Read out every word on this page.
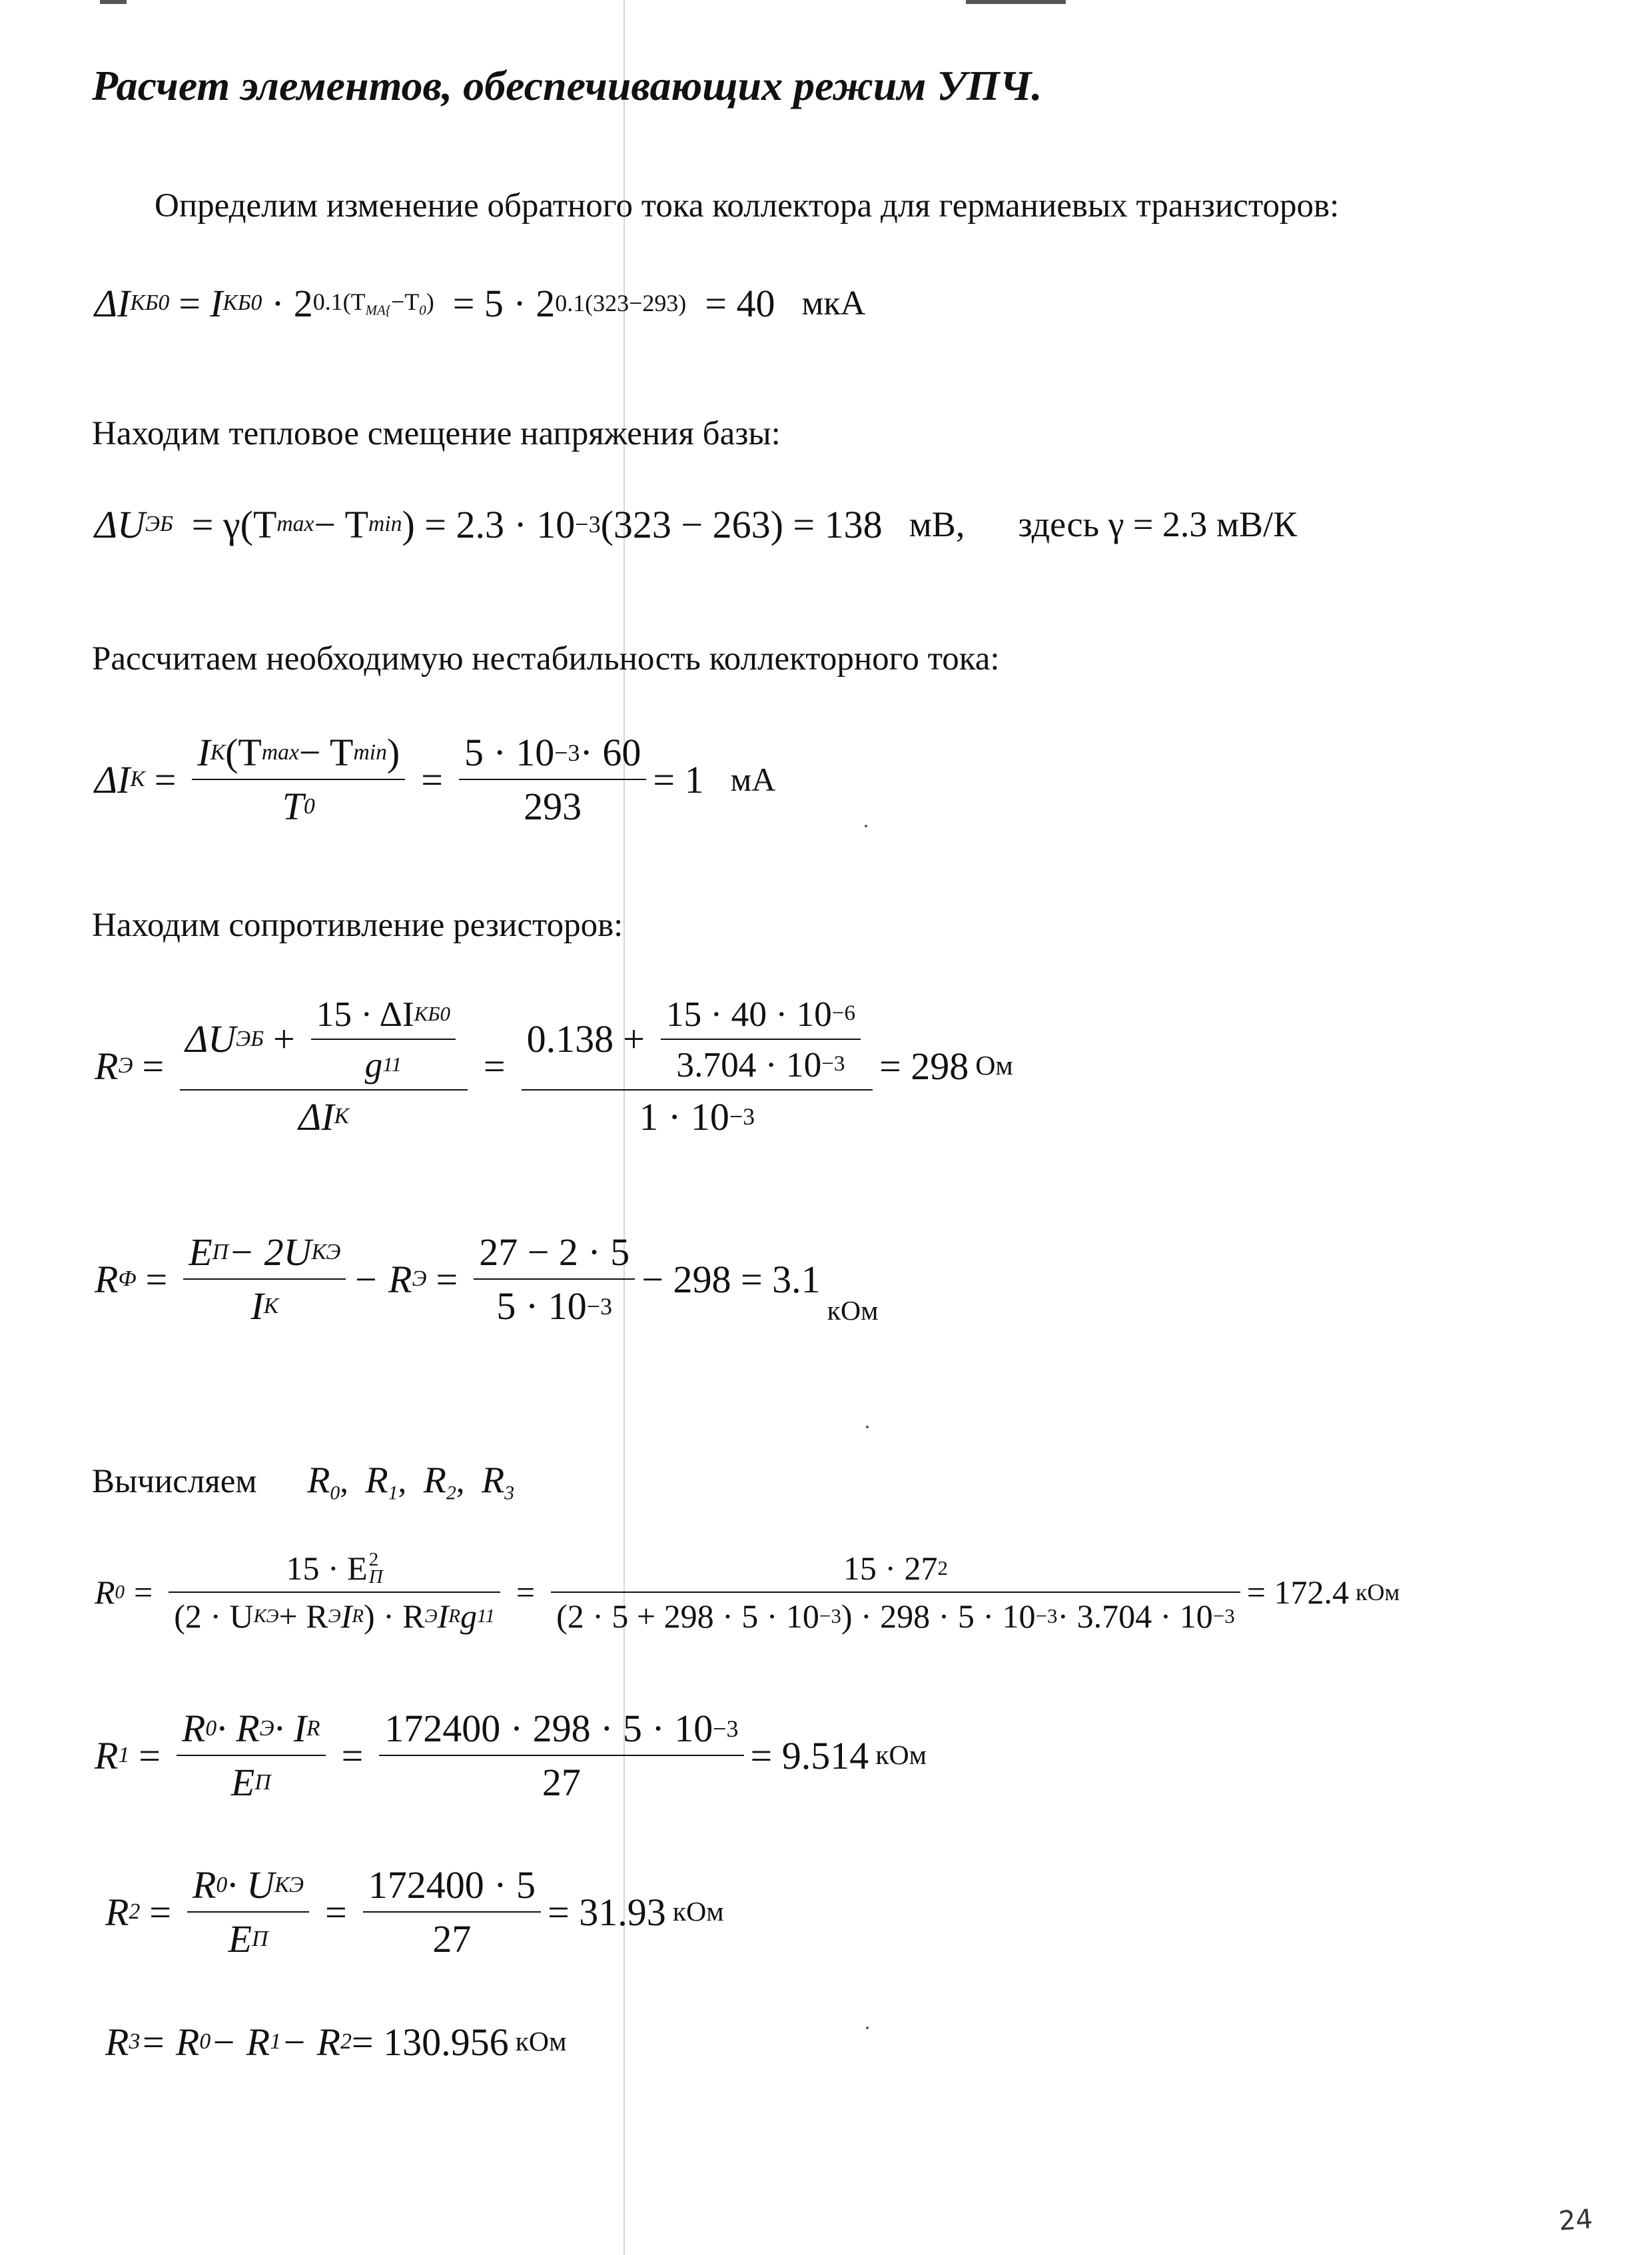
Расчет элементов, обеспечивающих режим УПЧ.
Определим изменение обратного тока коллектора для германиевых транзисторов:
ΔI КБ0 = I КБ0 · 2 $0.1(T_{MA\{}-T_0) = 5 \cdot 2$ 0.1(323−293) = 40 мкА
Находим тепловое смещение напряжения базы:
ΔU ЭБ = γ(T max − T min ) = 2.3 · 10 −3 (323 − 263) = 138 мВ, здесь γ = 2.3 мВ/К
Рассчитаем необходимую нестабильность коллекторного тока:
ΔI $К = \frac{\text{I К (T max − T min )}}{T 0} = \frac{5 \cdot 10 -3 \cdot 60}{293} = 1$ мА
Находим сопротивление резисторов:
R $Э = \frac{\Delta U ЭБ + \frac{\text{15 · ΔI КБ0}}{g 11}}{\text{ΔI К}} = \frac{0.138 + \frac{15 \cdot 40 \cdot 10 -6}{3.704 \cdot 10 -3}}{1 \cdot 10 -3} = 298$ Ом
R $Ф = \frac{\text{E П − 2U КЭ}}{\text{I К}} - R$ $Э = \frac{27 - 2 \cdot 5}{5 \cdot 10 -3} - 298 = 3.1$
кОм
Вычисляем $R_0$, $R_1$, $R_2$, $R_3$
R 0 = 15 · E 2
П
(2 · U КЭ + R Э I R ) · R Э I R g $11 = \frac{15 \cdot 27 2}{(2 \cdot 5 + 298 \cdot 5 \cdot 10 -3 ) \cdot 298 \cdot 5 \cdot 10 -3 \cdot 3.704 \cdot 10 -3} = 172.4$ кОм
R $1 = \frac{\text{R 0 · R Э · I R}}{\text{E П}} = \frac{172400 \cdot 298 \cdot 5 \cdot 10 -3}{27} = 9.514$ кОм
R $2 = \frac{\text{R 0 · U КЭ}}{\text{E П}} = \frac{172400 \cdot 5}{27} = 31.93$ кОм
R 3 = R 0 − R 1 − R 2 = 130.956 кОм
24
